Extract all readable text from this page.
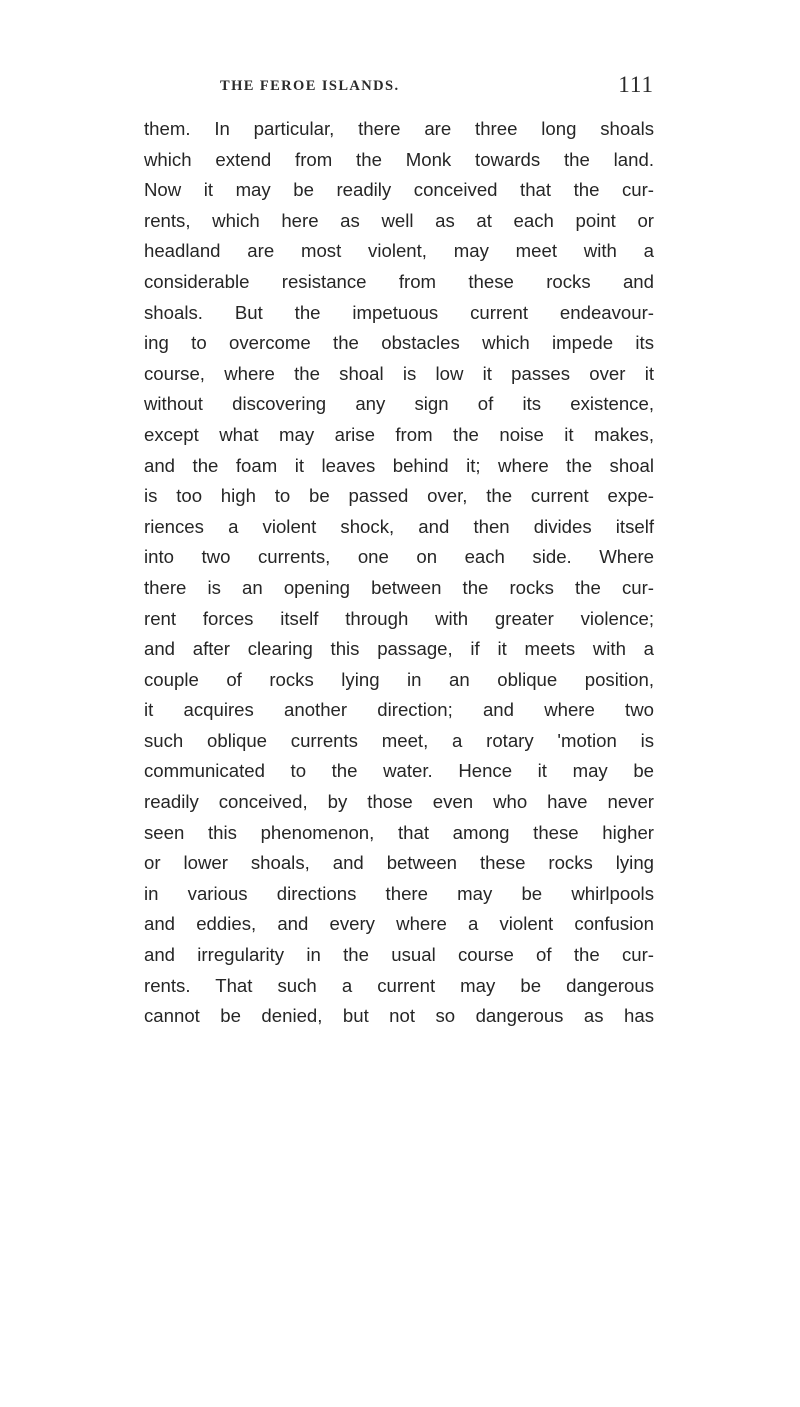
THE FEROE ISLANDS.	111
them. In particular, there are three long shoals
which extend from the Monk towards the land.
Now it may be readily conceived that the cur-
rents, which here as well as at each point or
headland are most violent, may meet with a
considerable resistance from these rocks and
shoals. But the impetuous current endeavour-
ing to overcome the obstacles which impede its
course, where the shoal is low it passes over it
without discovering any sign of its existence,
except what may arise from the noise it makes,
and the foam it leaves behind it; where the shoal
is too high to be passed over, the current expe-
riences a violent shock, and then divides itself
into two currents, one on each side. Where
there is an opening between the rocks the cur-
rent forces itself through with greater violence;
and after clearing this passage, if it meets with a
couple of rocks lying in an oblique position,
it acquires another direction; and where two
such oblique currents meet, a rotary 'motion is
communicated to the water. Hence it may be
readily conceived, by those even who have never
seen this phenomenon, that among these higher
or lower shoals, and between these rocks lying
in various directions there may be whirlpools
and eddies, and every where a violent confusion
and irregularity in the usual course of the cur-
rents. That such a current may be dangerous
cannot be denied, but not so dangerous as has
